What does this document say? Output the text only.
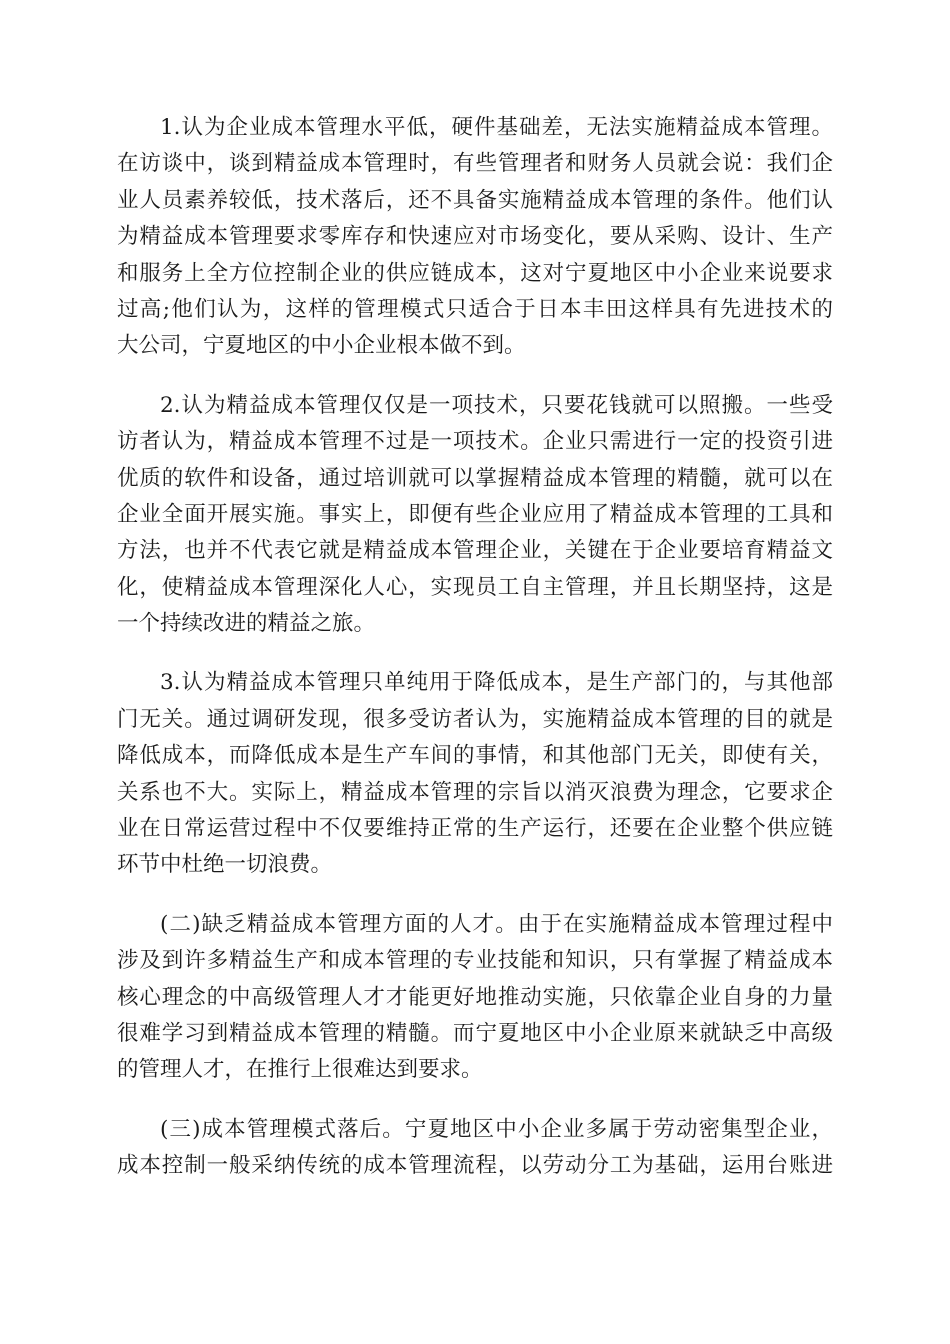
1.认为企业成本管理水平低，硬件基础差，无法实施精益成本管理。
在访谈中，谈到精益成本管理时，有些管理者和财务人员就会说：我们企
业人员素养较低，技术落后，还不具备实施精益成本管理的条件。他们认
为精益成本管理要求零库存和快速应对市场变化，要从采购、设计、生产
和服务上全方位控制企业的供应链成本，这对宁夏地区中小企业来说要求
过高;他们认为，这样的管理模式只适合于日本丰田这样具有先进技术的
大公司，宁夏地区的中小企业根本做不到。
2.认为精益成本管理仅仅是一项技术，只要花钱就可以照搬。一些受
访者认为，精益成本管理不过是一项技术。企业只需进行一定的投资引进
优质的软件和设备，通过培训就可以掌握精益成本管理的精髓，就可以在
企业全面开展实施。事实上，即便有些企业应用了精益成本管理的工具和
方法，也并不代表它就是精益成本管理企业，关键在于企业要培育精益文
化，使精益成本管理深化人心，实现员工自主管理，并且长期坚持，这是
一个持续改进的精益之旅。
3.认为精益成本管理只单纯用于降低成本，是生产部门的，与其他部
门无关。通过调研发现，很多受访者认为，实施精益成本管理的目的就是
降低成本，而降低成本是生产车间的事情，和其他部门无关，即使有关，
关系也不大。实际上，精益成本管理的宗旨以消灭浪费为理念，它要求企
业在日常运营过程中不仅要维持正常的生产运行，还要在企业整个供应链
环节中杜绝一切浪费。
(二)缺乏精益成本管理方面的人才。由于在实施精益成本管理过程中
涉及到许多精益生产和成本管理的专业技能和知识，只有掌握了精益成本
核心理念的中高级管理人才才能更好地推动实施，只依靠企业自身的力量
很难学习到精益成本管理的精髓。而宁夏地区中小企业原来就缺乏中高级
的管理人才，在推行上很难达到要求。
(三)成本管理模式落后。宁夏地区中小企业多属于劳动密集型企业，
成本控制一般采纳传统的成本管理流程，以劳动分工为基础，运用台账进
